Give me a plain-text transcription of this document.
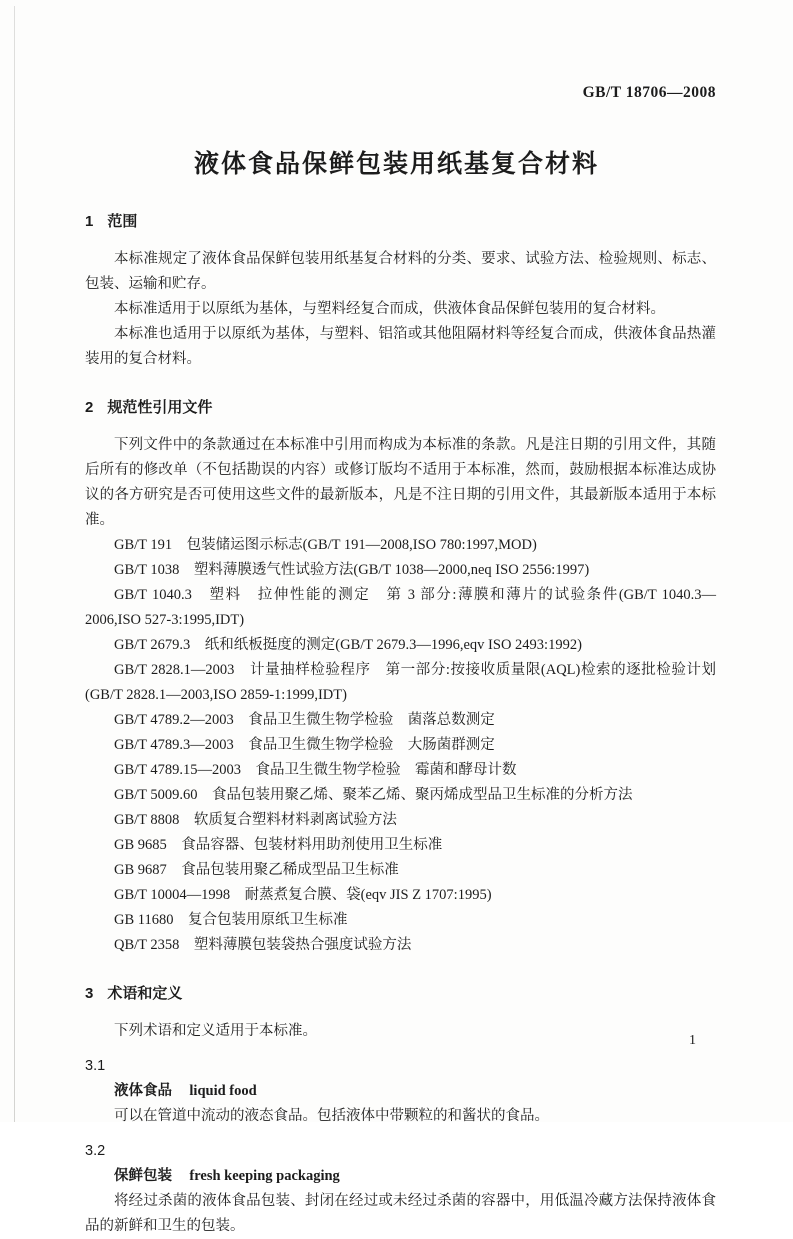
GB/T 18706—2008
液体食品保鲜包装用纸基复合材料
1 范围

本标准规定了液体食品保鲜包装用纸基复合材料的分类、要求、试验方法、检验规则、标志、包装、运输和贮存。

本标准适用于以原纸为基体，与塑料经复合而成，供液体食品保鲜包装用的复合材料。

本标准也适用于以原纸为基体，与塑料、铝箔或其他阻隔材料等经复合而成，供液体食品热灌装用的复合材料。

2 规范性引用文件

下列文件中的条款通过在本标准中引用而构成为本标准的条款。凡是注日期的引用文件，其随后所有的修改单（不包括勘误的内容）或修订版均不适用于本标准，然而，鼓励根据本标准达成协议的各方研究是否可使用这些文件的最新版本，凡是不注日期的引用文件，其最新版本适用于本标准。

GB/T 191　包装储运图示标志(GB/T 191—2008,ISO 780:1997,MOD)

GB/T 1038　塑料薄膜透气性试验方法(GB/T 1038—2000,neq ISO 2556:1997)

GB/T 1040.3　塑料　拉伸性能的测定　第 3 部分:薄膜和薄片的试验条件(GB/T 1040.3—2006,ISO 527-3:1995,IDT)

GB/T 2679.3　纸和纸板挺度的测定(GB/T 2679.3—1996,eqv ISO 2493:1992)

GB/T 2828.1—2003　计量抽样检验程序　第一部分:按接收质量限(AQL)检索的逐批检验计划(GB/T 2828.1—2003,ISO 2859-1:1999,IDT)

GB/T 4789.2—2003　食品卫生微生物学检验　菌落总数测定

GB/T 4789.3—2003　食品卫生微生物学检验　大肠菌群测定

GB/T 4789.15—2003　食品卫生微生物学检验　霉菌和酵母计数

GB/T 5009.60　食品包装用聚乙烯、聚苯乙烯、聚丙烯成型品卫生标准的分析方法

GB/T 8808　软质复合塑料材料剥离试验方法

GB 9685　食品容器、包装材料用助剂使用卫生标准

GB 9687　食品包装用聚乙稀成型品卫生标准

GB/T 10004—1998　耐蒸煮复合膜、袋(eqv JIS Z 1707:1995)

GB 11680　复合包装用原纸卫生标准

QB/T 2358　塑料薄膜包装袋热合强度试验方法

3 术语和定义

下列术语和定义适用于本标准。

3.1

液体食品 liquid food

可以在管道中流动的液态食品。包括液体中带颗粒的和酱状的食品。

3.2

保鲜包装 fresh keeping packaging

将经过杀菌的液体食品包装、封闭在经过或未经过杀菌的容器中，用低温冷藏方法保持液体食品的新鲜和卫生的包装。

1
